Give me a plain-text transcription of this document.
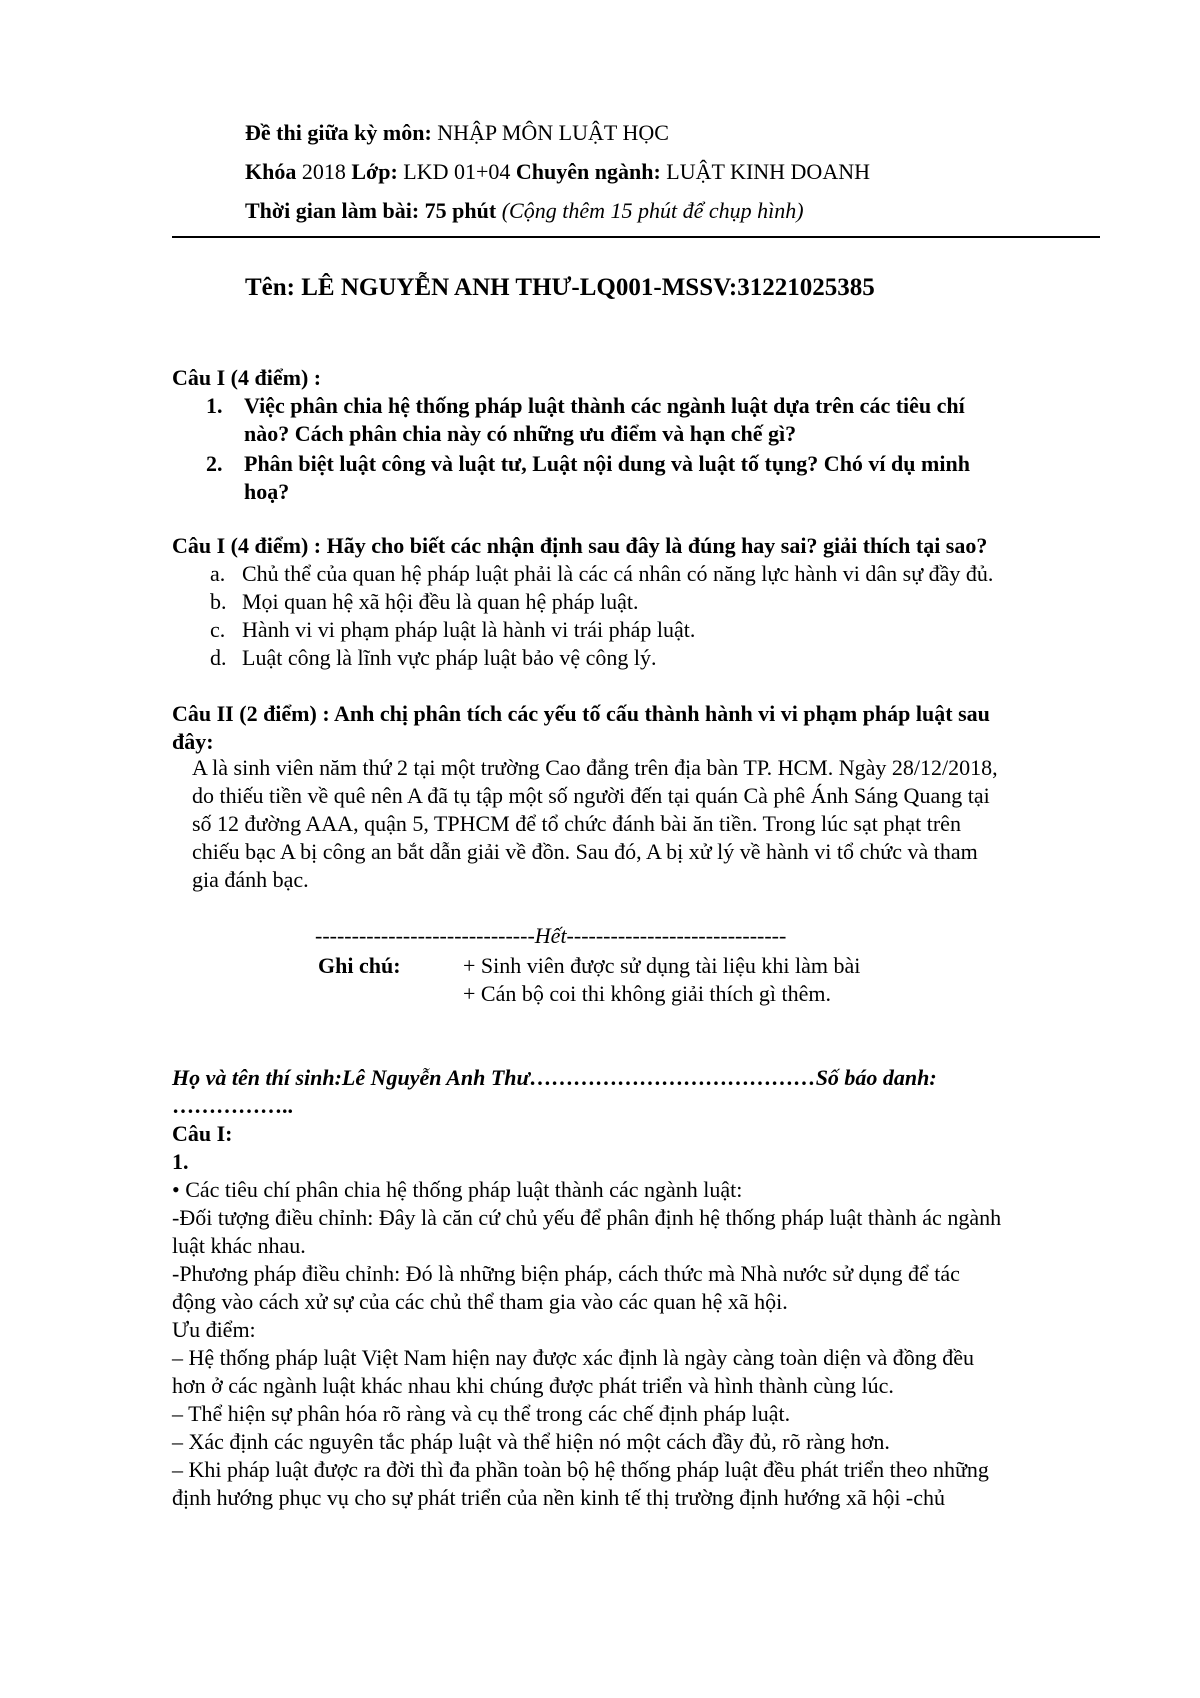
Đề thi giữa kỳ môn: NHẬP MÔN LUẬT HỌC
Khóa 2018 Lớp: LKD 01+04 Chuyên ngành: LUẬT KINH DOANH
Thời gian làm bài: 75 phút (Cộng thêm 15 phút để chụp hình)
Tên: LÊ NGUYỄN ANH THƯ-LQ001-MSSV:31221025385
Câu I (4 điểm) :
1. Việc phân chia hệ thống pháp luật thành các ngành luật dựa trên các tiêu chí
nào? Cách phân chia này có những ưu điểm và hạn chế gì?
2. Phân biệt luật công và luật tư, Luật nội dung và luật tố tụng? Chó ví dụ minh
hoạ?
Câu I (4 điểm) : Hãy cho biết các nhận định sau đây là đúng hay sai? giải thích tại sao?
a. Chủ thể của quan hệ pháp luật phải là các cá nhân có năng lực hành vi dân sự đầy đủ.
b. Mọi quan hệ xã hội đều là quan hệ pháp luật.
c. Hành vi vi phạm pháp luật là hành vi trái pháp luật.
d. Luật công là lĩnh vực pháp luật bảo vệ công lý.
Câu II (2 điểm) : Anh chị phân tích các yếu tố cấu thành hành vi vi phạm pháp luật sau
đây:
A là sinh viên năm thứ 2 tại một trường Cao đẳng trên địa bàn TP. HCM. Ngày 28/12/2018,
do thiếu tiền về quê nên A đã tụ tập một số người đến tại quán Cà phê Ánh Sáng Quang tại
số 12 đường AAA, quận 5, TPHCM để tổ chức đánh bài ăn tiền. Trong lúc sạt phạt trên
chiếu bạc A bị công an bắt dẫn giải về đồn. Sau đó, A bị xử lý về hành vi tổ chức và tham
gia đánh bạc.
------------------------------Hết------------------------------
Ghi chú:	+ Sinh viên được sử dụng tài liệu khi làm bài
+ Cán bộ coi thi không giải thích gì thêm.
Họ và tên thí sinh:Lê Nguyễn Anh Thư…………………………………Số báo danh:
……………..
Câu I:
1.
• Các tiêu chí phân chia hệ thống pháp luật thành các ngành luật:
-Đối tượng điều chỉnh: Đây là căn cứ chủ yếu để phân định hệ thống pháp luật thành ác ngành
luật khác nhau.
-Phương pháp điều chỉnh: Đó là những biện pháp, cách thức mà Nhà nước sử dụng để tác
động vào cách xử sự của các chủ thể tham gia vào các quan hệ xã hội.
Ưu điểm:
– Hệ thống pháp luật Việt Nam hiện nay được xác định là ngày càng toàn diện và đồng đều
hơn ở các ngành luật khác nhau khi chúng được phát triển và hình thành cùng lúc.
– Thể hiện sự phân hóa rõ ràng và cụ thể trong các chế định pháp luật.
– Xác định các nguyên tắc pháp luật và thể hiện nó một cách đầy đủ, rõ ràng hơn.
– Khi pháp luật được ra đời thì đa phần toàn bộ hệ thống pháp luật đều phát triển theo những
định hướng phục vụ cho sự phát triển của nền kinh tế thị trường định hướng xã hội -chủ
